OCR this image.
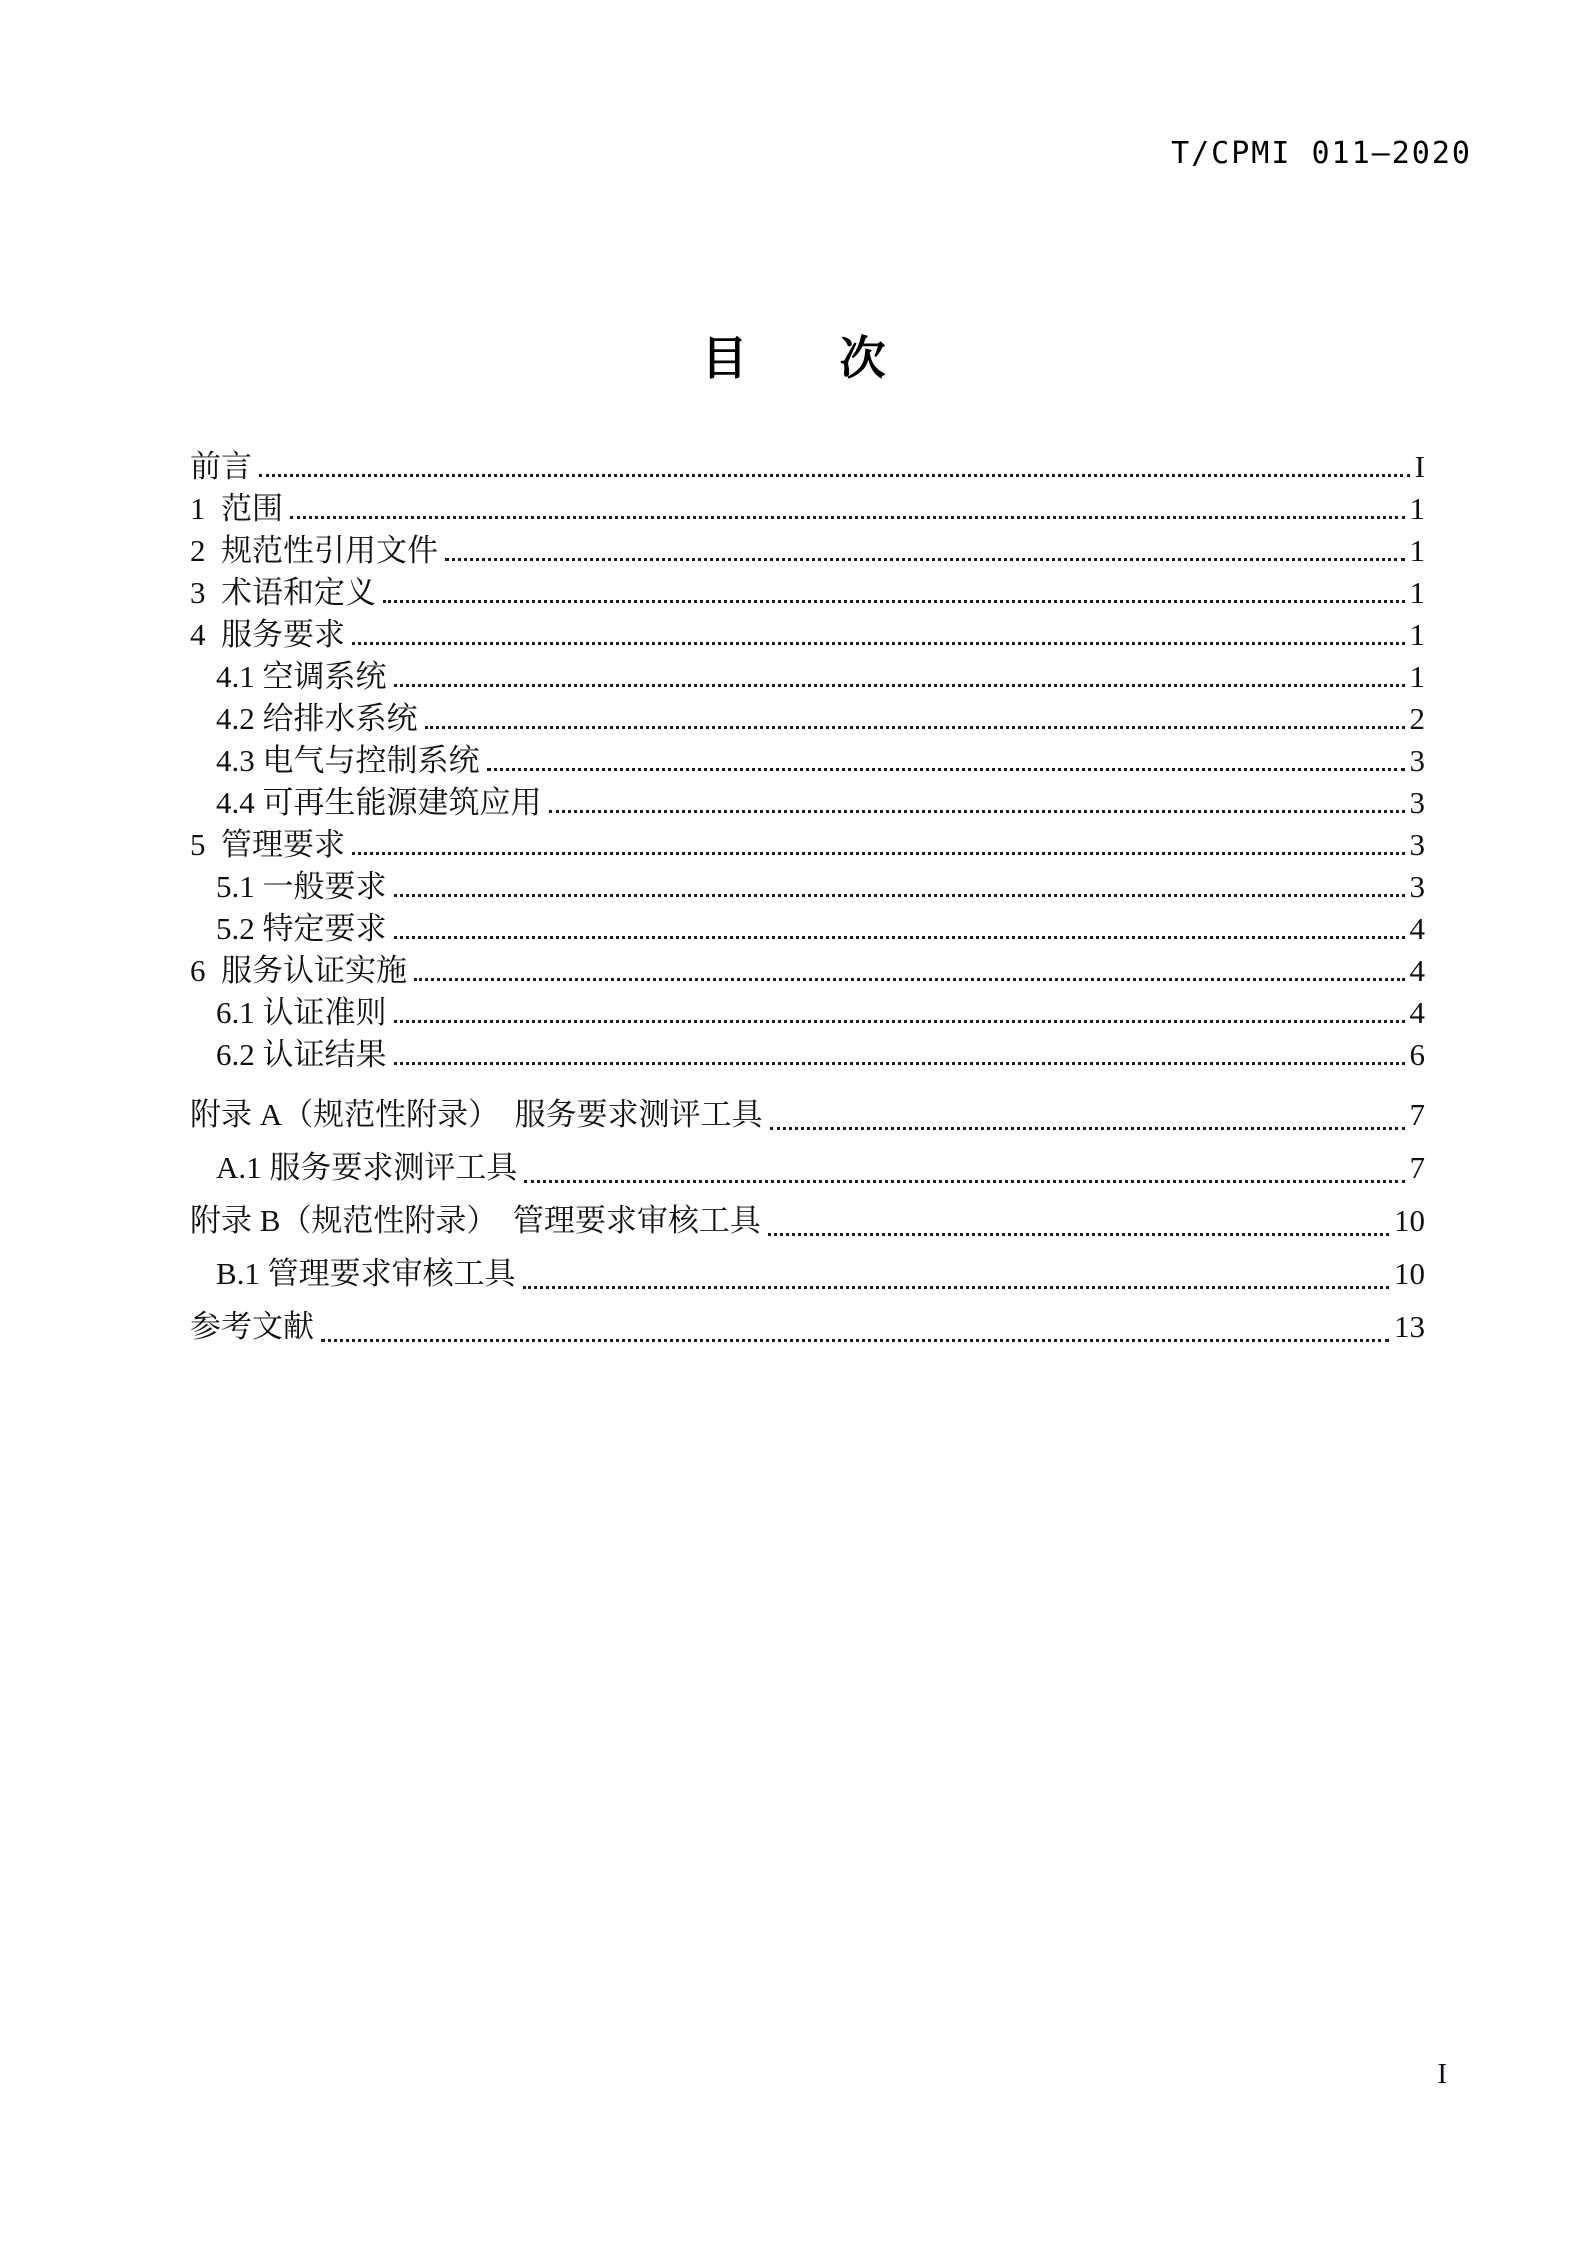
T/CPMI 011—2020
目　　次
前言	I
1  范围	1
2  规范性引用文件	1
3  术语和定义	1
4  服务要求	1
4.1 空调系统	1
4.2 给排水系统	2
4.3 电气与控制系统	3
4.4 可再生能源建筑应用	3
5  管理要求	3
5.1 一般要求	3
5.2 特定要求	4
6  服务认证实施	4
6.1 认证准则	4
6.2 认证结果	6
附录 A（规范性附录）  服务要求测评工具	7
A.1 服务要求测评工具	7
附录 B（规范性附录）  管理要求审核工具	10
B.1 管理要求审核工具	10
参考文献	13
I
